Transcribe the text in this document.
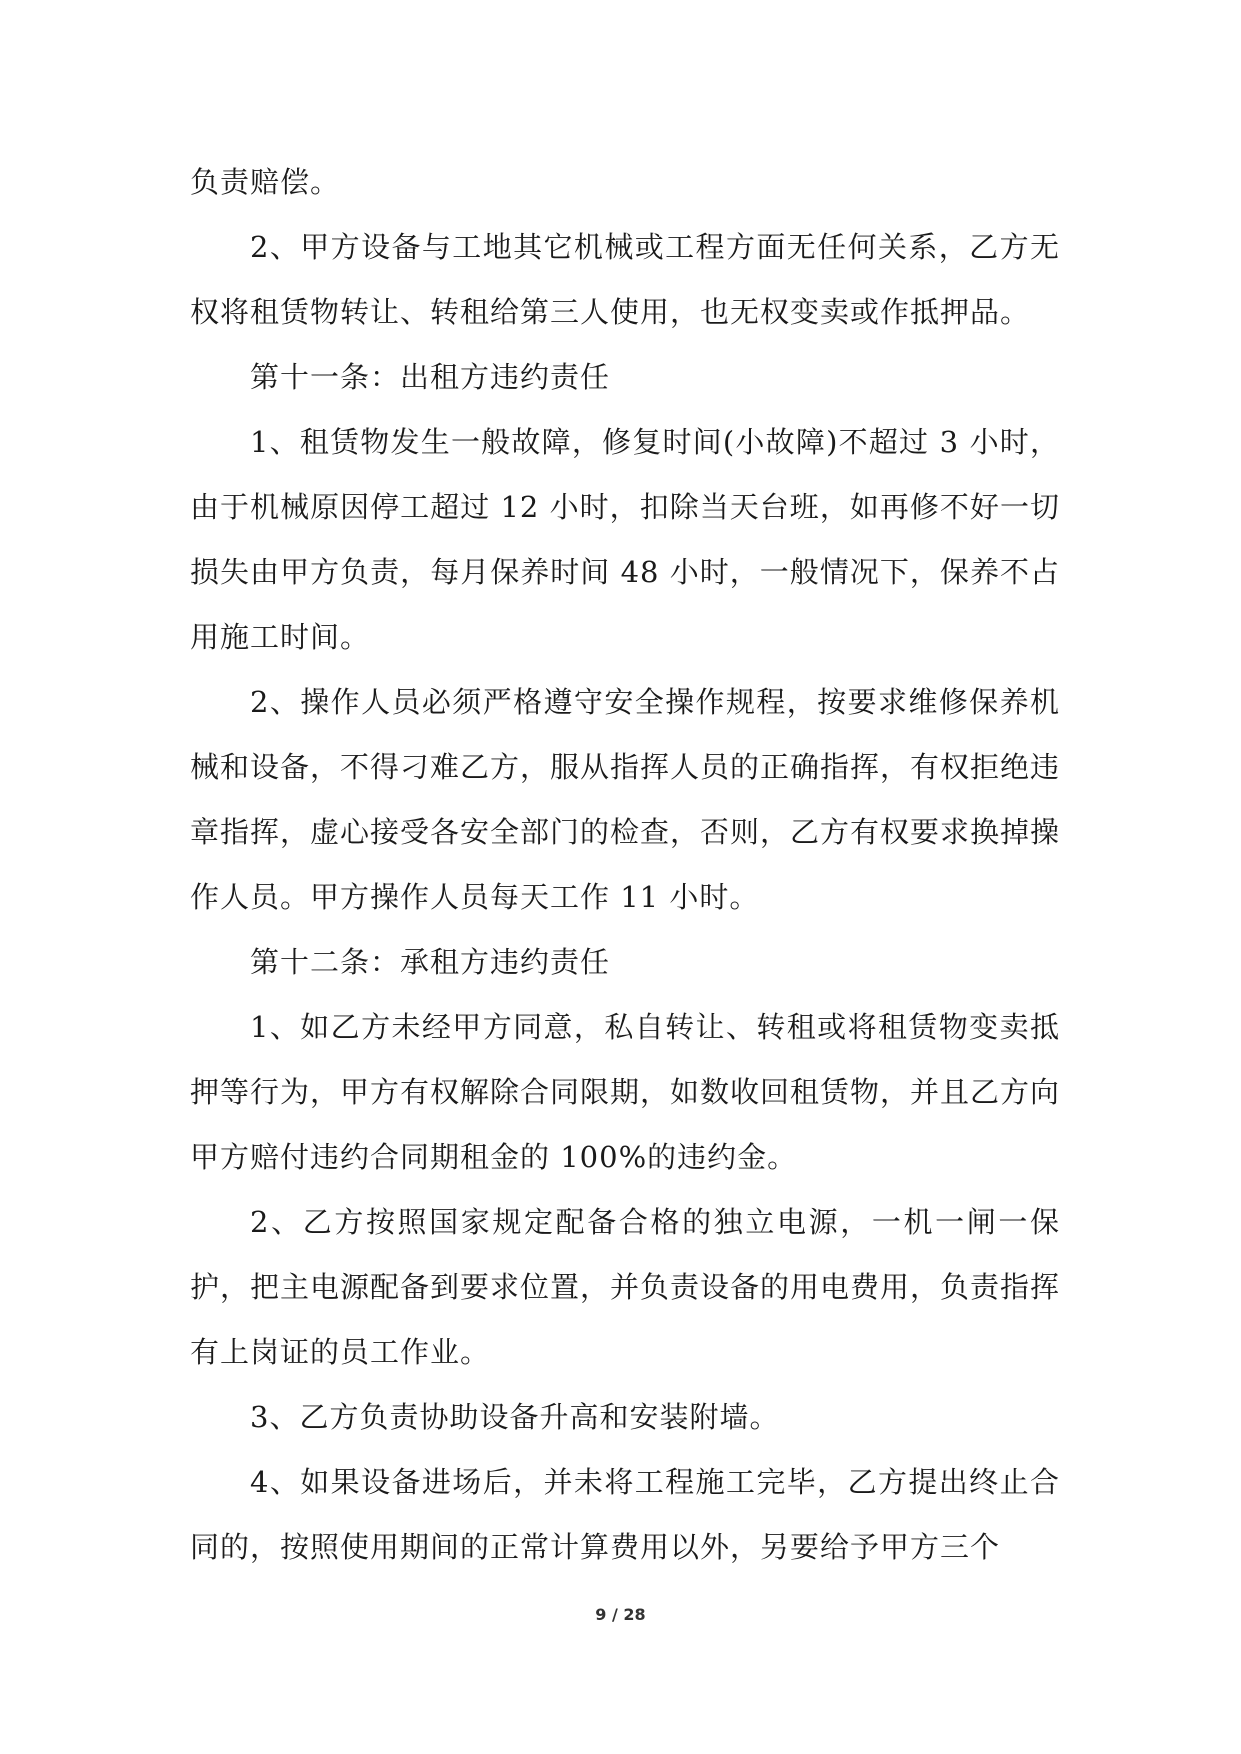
负责赔偿。

2、甲方设备与工地其它机械或工程方面无任何关系，乙方无权将租赁物转让、转租给第三人使用，也无权变卖或作抵押品。

第十一条：出租方违约责任

1、租赁物发生一般故障，修复时间(小故障)不超过 3 小时，由于机械原因停工超过 12 小时，扣除当天台班，如再修不好一切损失由甲方负责，每月保养时间 48 小时，一般情况下，保养不占用施工时间。

2、操作人员必须严格遵守安全操作规程，按要求维修保养机械和设备，不得刁难乙方，服从指挥人员的正确指挥，有权拒绝违章指挥，虚心接受各安全部门的检查，否则，乙方有权要求换掉操作人员。甲方操作人员每天工作 11 小时。

第十二条：承租方违约责任

1、如乙方未经甲方同意，私自转让、转租或将租赁物变卖抵押等行为，甲方有权解除合同限期，如数收回租赁物，并且乙方向甲方赔付违约合同期租金的 100%的违约金。

2、乙方按照国家规定配备合格的独立电源，一机一闸一保护，把主电源配备到要求位置，并负责设备的用电费用，负责指挥有上岗证的员工作业。

3、乙方负责协助设备升高和安装附墙。

4、如果设备进场后，并未将工程施工完毕，乙方提出终止合同的，按照使用期间的正常计算费用以外，另要给予甲方三个

9 / 28
